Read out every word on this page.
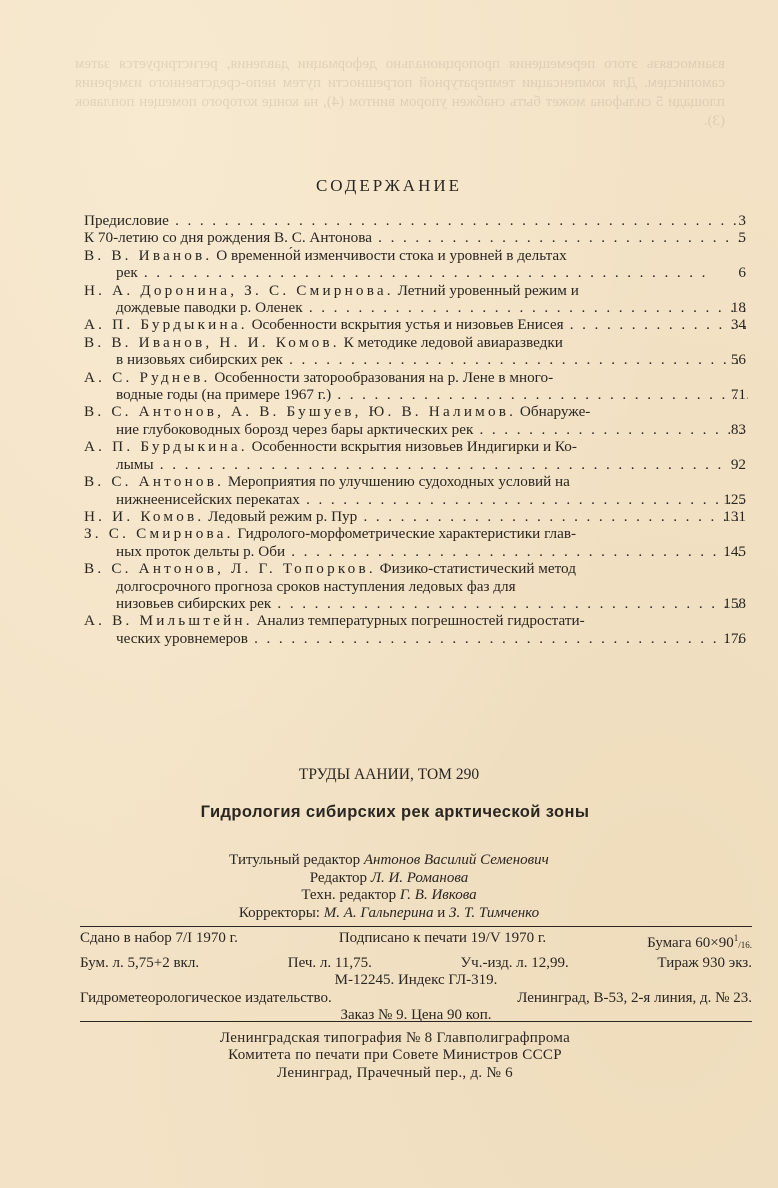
взаимосвязь этого перемещения пропорционально деформации давления, регистрируется затем самописцем. Для компенсации температурной погрешности путем непо-средственного измерения площади 5 сильфона может быть снабжен упором винтом (4), на конце которого помещен поплавок (3).
СОДЕРЖАНИЕ
Предисловие . . .	3
К 70-летию со дня рождения В. С. Антонова . . .	5
В. В. Иванов. О временно́й изменчивости стока и уровней в дельтах
рек . . .	6
Н. А. Доронина, З. С. Смирнова. Летний уровенный режим и
дождевые паводки р. Оленек . . .	18
А. П. Бурдыкина. Особенности вскрытия устья и низовьев Енисея . . .	34
В. В. Иванов, Н. И. Комов. К методике ледовой авиаразведки
в низовьях сибирских рек . . .	56
А. С. Руднев. Особенности заторообразования на р. Лене в много-
водные годы (на примере 1967 г.) . . .	71
В. С. Антонов, А. В. Бушуев, Ю. В. Налимов. Обнаруже-
ние глубоководных борозд через бары арктических рек . . .	83
А. П. Бурдыкина. Особенности вскрытия низовьев Индигирки и Ко-
лымы . . .	92
В. С. Антонов. Мероприятия по улучшению судоходных условий на
нижнеенисейских перекатах . . .	125
Н. И. Комов. Ледовый режим р. Пур . . .	131
З. С. Смирнова. Гидролого-морфометрические характеристики глав-
ных проток дельты р. Оби . . .	145
В. С. Антонов, Л. Г. Топорков. Физико-статистический метод
долгосрочного прогноза сроков наступления ледовых фаз для
низовьев сибирских рек . . .	158
А. В. Мильштейн. Анализ температурных погрешностей гидростати-
ческих уровнемеров . . .	176
ТРУДЫ ААНИИ, ТОМ 290
Гидрология сибирских рек арктической зоны
Титульный редактор Антонов Василий Семенович
Редактор Л. И. Романова
Техн. редактор Г. В. Ивкова
Корректоры: М. А. Гальперина и З. Т. Тимченко
Сдано в набор 7/I 1970 г.	Подписано к печати 19/V 1970 г.	Бумага $60\times 90^1_{/16.}$
Бум. л. 5,75+2 вкл.	Печ. л. 11,75.	Уч.-изд. л. 12,99.	Тираж 930 экз.
М-12245. Индекс ГЛ-319.
Гидрометеорологическое издательство.	Ленинград, В-53, 2-я линия, д. № 23.
Заказ № 9. Цена 90 коп.
Ленинградская типография № 8 Главполиграфпрома
Комитета по печати при Совете Министров СССР
Ленинград, Прачечный пер., д. № 6
